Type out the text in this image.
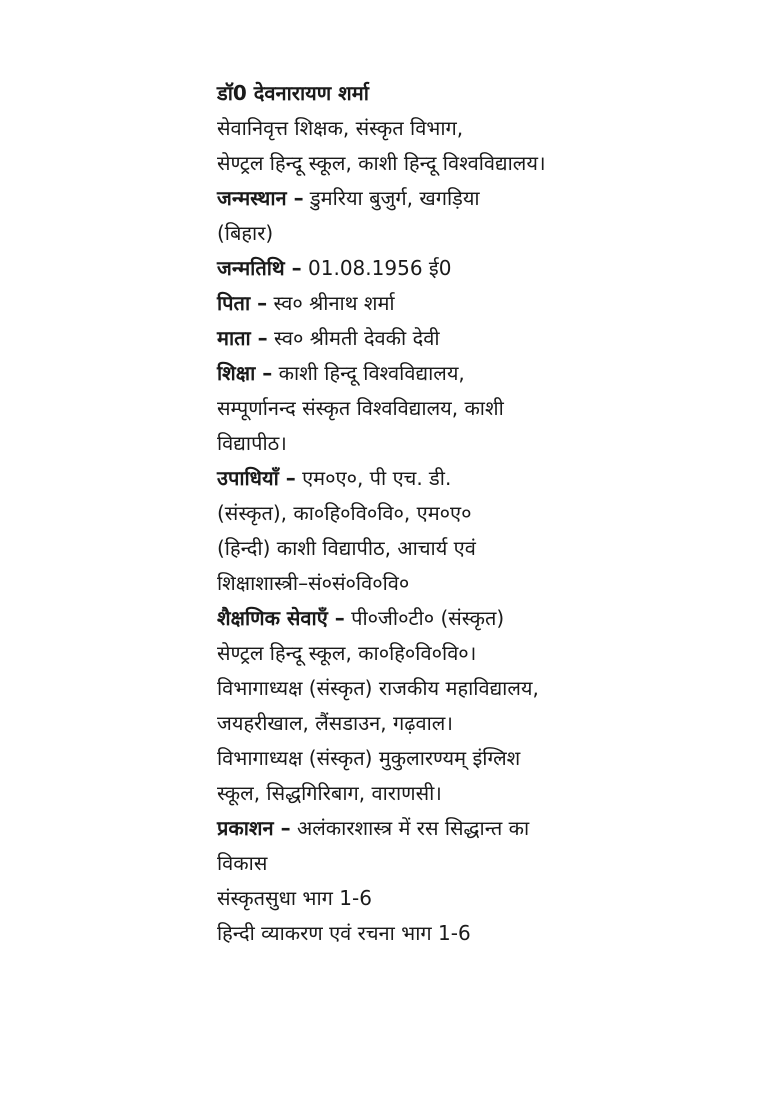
डॉ0 देवनारायण शर्मा
सेवानिवृत्त शिक्षक, संस्कृत विभाग,
सेण्ट्रल हिन्दू स्कूल, काशी हिन्दू विश्वविद्यालय।
जन्मस्थान – डुमरिया बुजुर्ग, खगड़िया
(बिहार)
जन्मतिथि – 01.08.1956 ई0
पिता – स्व० श्रीनाथ शर्मा
माता – स्व० श्रीमती देवकी देवी
शिक्षा – काशी हिन्दू विश्वविद्यालय,
सम्पूर्णानन्द संस्कृत विश्वविद्यालय, काशी
विद्यापीठ।
उपाधियाँ – एम०ए०, पी एच. डी.
(संस्कृत), का०हि०वि०वि०, एम०ए०
(हिन्दी) काशी विद्यापीठ, आचार्य एवं
शिक्षाशास्त्री–सं०सं०वि०वि०
शैक्षणिक सेवाएँ – पी०जी०टी० (संस्कृत)
सेण्ट्रल हिन्दू स्कूल, का०हि०वि०वि०।
विभागाध्यक्ष (संस्कृत) राजकीय महाविद्यालय,
जयहरीखाल, लैंसडाउन, गढ़वाल।
विभागाध्यक्ष (संस्कृत) मुकुलारण्यम् इंग्लिश
स्कूल, सिद्धगिरिबाग, वाराणसी।
प्रकाशन – अलंकारशास्त्र में रस सिद्धान्त का
विकास
संस्कृतसुधा भाग 1-6
हिन्दी व्याकरण एवं रचना भाग 1-6
